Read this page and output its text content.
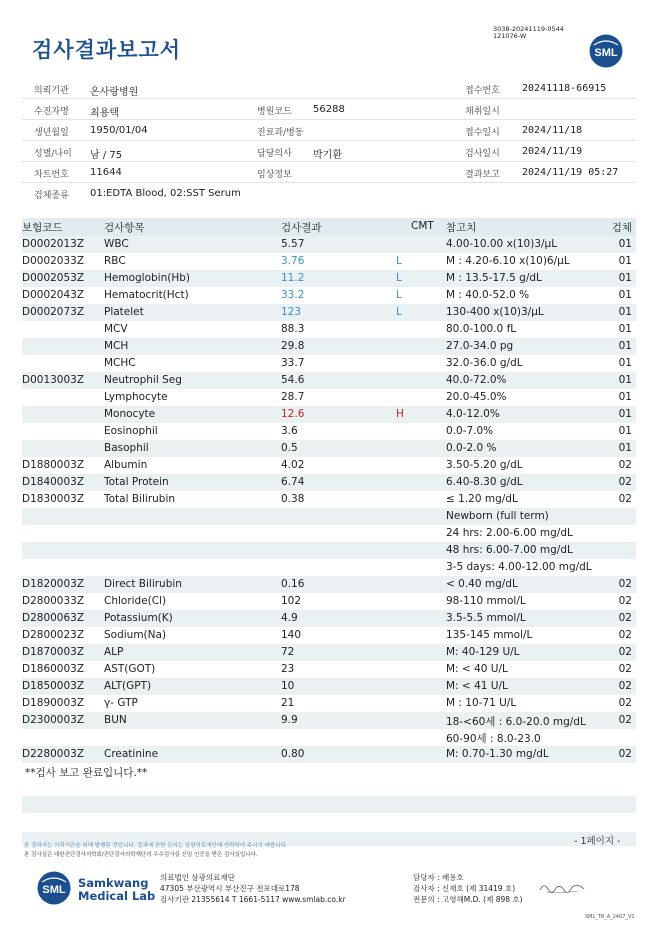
검사결과보고서
3038-20241119-0544
121076-W
SML
의뢰기관 온사랑병원	접수번호 20241118-66915
수진자명 최용택	병원코드 56288	채취일시
생년월일 1950/01/04	진료과/병동	접수일시 2024/11/18
성별/나이 남 / 75	담당의사 박기환	검사일시 2024/11/19
차트번호 11644	임상정보	결과보고 2024/11/19 05:27
검체종류 01:EDTA Blood, 02:SST Serum
보험코드	검사항목	검사결과	CMT 참고치	검체
D0002013Z WBC	5.57	4.00-10.00 x(10)3/μL	01
D0002033Z RBC	3.76	L	M : 4.20-6.10 x(10)6/μL	01
D0002053Z Hemoglobin(Hb)	11.2	L	M : 13.5-17.5 g/dL	01
D0002043Z Hematocrit(Hct)	33.2	L	M : 40.0-52.0 %	01
D0002073Z Platelet	123	L	130-400 x(10)3/μL	01
MCV	88.3	80.0-100.0 fL	01
MCH	29.8	27.0-34.0 pg	01
MCHC	33.7	32.0-36.0 g/dL	01
D0013003Z Neutrophil Seg	54.6	40.0-72.0%	01
Lymphocyte	28.7	20.0-45.0%	01
Monocyte	12.6	H	4.0-12.0%	01
Eosinophil	3.6	0.0-7.0%	01
Basophil	0.5	0.0-2.0 %	01
D1880003Z Albumin	4.02	3.50-5.20 g/dL	02
D1840003Z Total Protein	6.74	6.40-8.30 g/dL	02
D1830003Z Total Bilirubin	0.38	≤ 1.20 mg/dL	02
Newborn (full term)
24 hrs: 2.00-6.00 mg/dL
48 hrs: 6.00-7.00 mg/dL
3-5 days: 4.00-12.00 mg/dL
D1820003Z Direct Bilirubin	0.16	< 0.40 mg/dL	02
D2800033Z Chloride(Cl)	102	98-110 mmol/L	02
D2800063Z Potassium(K)	4.9	3.5-5.5 mmol/L	02
D2800023Z Sodium(Na)	140	135-145 mmol/L	02
D1870003Z ALP	72	M: 40-129 U/L	02
D1860003Z AST(GOT)	23	M: < 40 U/L	02
D1850003Z ALT(GPT)	10	M: < 41 U/L	02
D1890003Z γ- GTP	21	M : 10-71 U/L	02
D2300003Z BUN	9.9	18-<60세 : 6.0-20.0 mg/dL	02
60-90세 : 8.0-23.0
D2280003Z Creatinine	0.80	M: 0.70-1.30 mg/dL	02
**검사 보고 완료입니다.**
본 결과지는 의뢰기관을 위해 발행된 것입니다. 결과에 관한 문의는 삼광의료재단에 연락하여 주시기 바랍니다.
본 검사실은 대한진단검사의학회/진단검사의학재단의 우수검사실 신임 인증을 받은 검사실입니다.
- 1페이지 -
SML Samkwang
Medical Lab
의료법인 삼광의료재단
47305 부산광역시 부산진구 전포대로178
검사기관 21355614 T 1661-5117 www.smlab.co.kr
담당자 : 배용호
검사자 : 신재호 (제 31419 호)
전문의 : 고영해M.D. (제 898 호)
SML_TR_A_2407_V1
